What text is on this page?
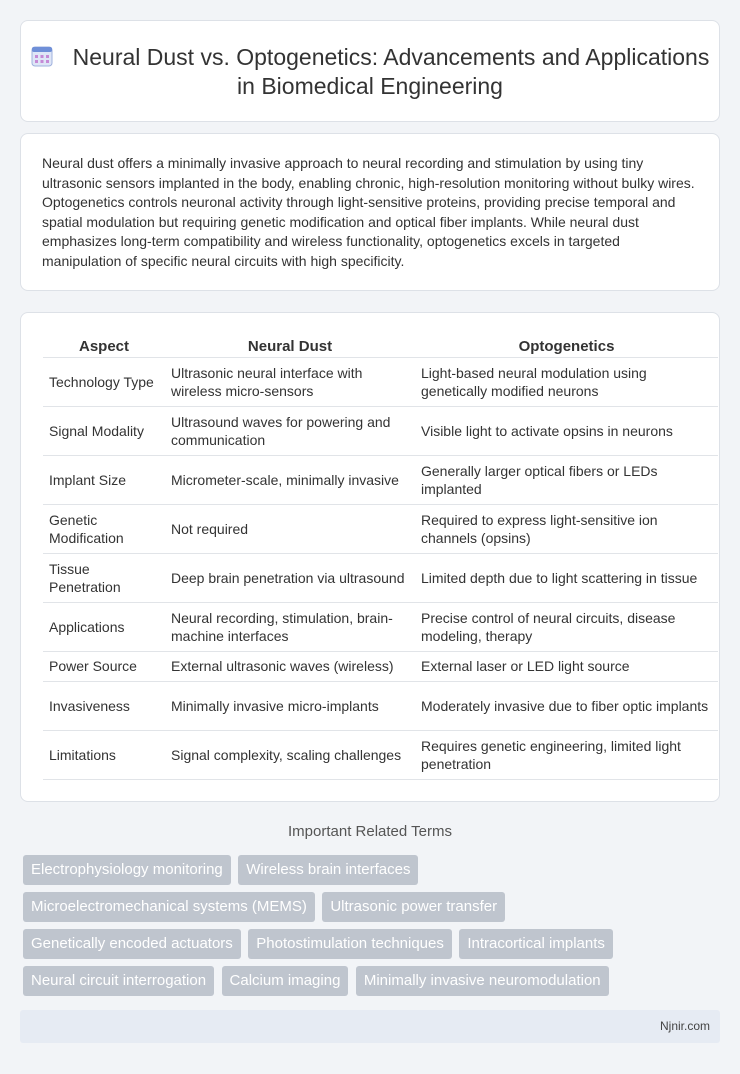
Neural Dust vs. Optogenetics: Advancements and Applications in Biomedical Engineering

Neural dust offers a minimally invasive approach to neural recording and stimulation by using tiny ultrasonic sensors implanted in the body, enabling chronic, high-resolution monitoring without bulky wires. Optogenetics controls neuronal activity through light-sensitive proteins, providing precise temporal and spatial modulation but requiring genetic modification and optical fiber implants. While neural dust emphasizes long-term compatibility and wireless functionality, optogenetics excels in targeted manipulation of specific neural circuits with high specificity.

Aspect	Neural Dust	Optogenetics
Technology Type	Ultrasonic neural interface with wireless micro-sensors	Light-based neural modulation using genetically modified neurons
Signal Modality	Ultrasound waves for powering and communication	Visible light to activate opsins in neurons
Implant Size	Micrometer-scale, minimally invasive	Generally larger optical fibers or LEDs implanted
Genetic Modification	Not required	Required to express light-sensitive ion channels (opsins)
Tissue Penetration	Deep brain penetration via ultrasound	Limited depth due to light scattering in tissue
Applications	Neural recording, stimulation, brain-machine interfaces	Precise control of neural circuits, disease modeling, therapy
Power Source	External ultrasonic waves (wireless)	External laser or LED light source
Invasiveness	Minimally invasive micro-implants	Moderately invasive due to fiber optic implants
Limitations	Signal complexity, scaling challenges	Requires genetic engineering, limited light penetration
Important Related Terms
Electrophysiology monitoring Wireless brain interfaces Microelectromechanical systems (MEMS) Ultrasonic power transfer Genetically encoded actuators Photostimulation techniques Intracortical implants Neural circuit interrogation Calcium imaging Minimally invasive neuromodulation
Njnir.com
